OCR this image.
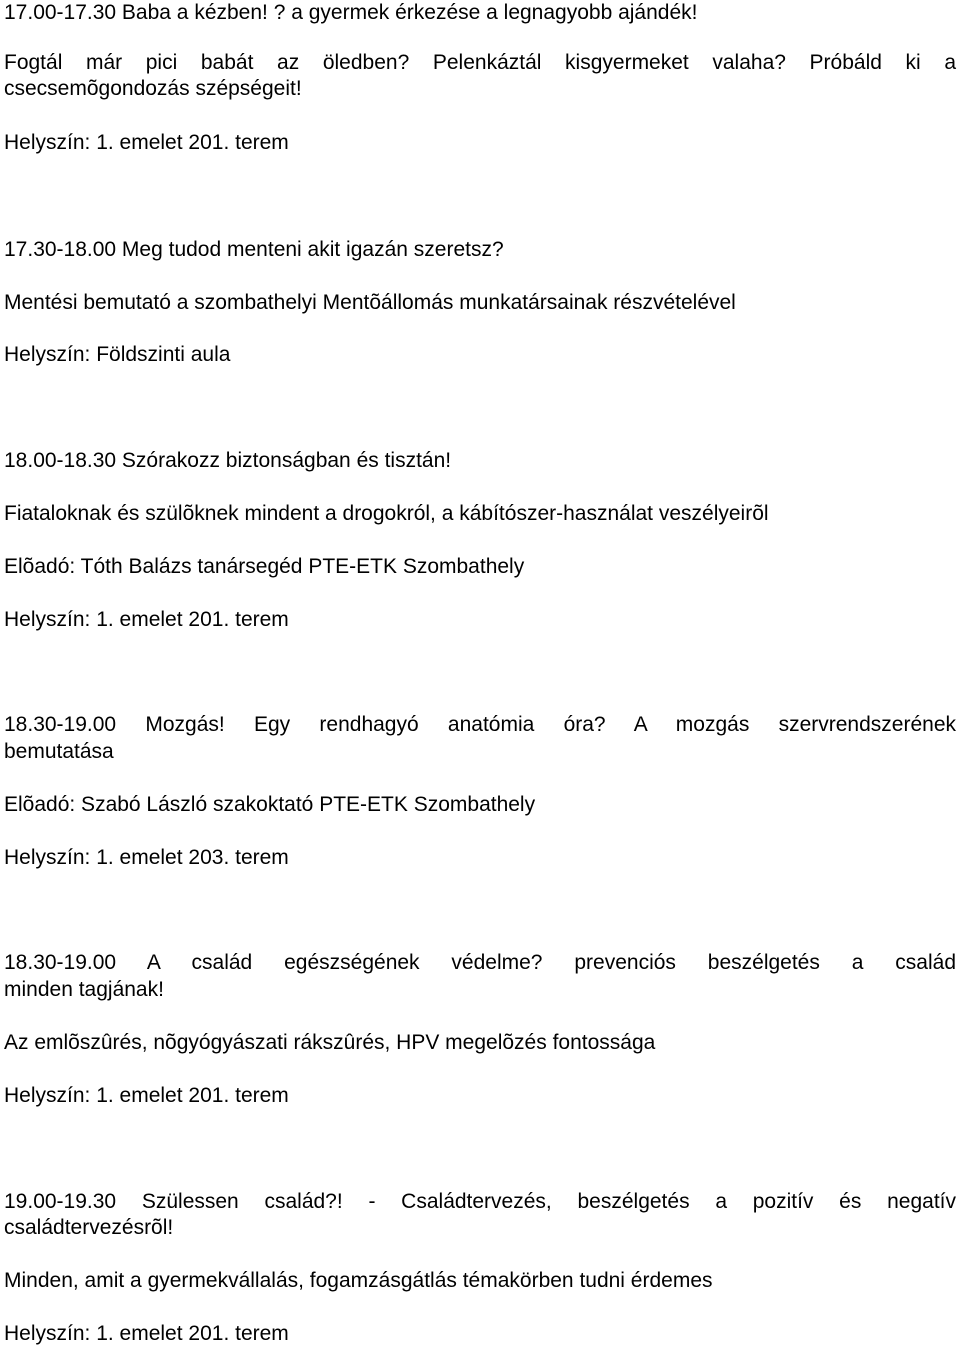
17.00-17.30 Baba a kézben! ? a gyermek érkezése a legnagyobb ajándék!
Fogtál már pici babát az öledben? Pelenkáztál kisgyermeket valaha? Próbáld ki a
csecsemõgondozás szépségeit!
Helyszín: 1. emelet 201. terem
17.30-18.00 Meg tudod menteni akit igazán szeretsz?
Mentési bemutató a szombathelyi Mentõállomás munkatársainak részvételével
Helyszín: Földszinti aula
18.00-18.30 Szórakozz biztonságban és tisztán!
Fiataloknak és szülõknek mindent a drogokról, a kábítószer-használat veszélyeirõl
Elõadó: Tóth Balázs tanársegéd PTE-ETK Szombathely
Helyszín: 1. emelet 201. terem
18.30-19.00 Mozgás! Egy rendhagyó anatómia óra? A mozgás szervrendszerének
bemutatása
Elõadó: Szabó László szakoktató PTE-ETK Szombathely
Helyszín: 1. emelet 203. terem
18.30-19.00 A család egészségének védelme? prevenciós beszélgetés a család
minden tagjának!
Az emlõszûrés, nõgyógyászati rákszûrés, HPV megelõzés fontossága
Helyszín: 1. emelet 201. terem
19.00-19.30 Szülessen család?! - Családtervezés, beszélgetés a pozitív és negatív
családtervezésrõl!
Minden, amit a gyermekvállalás, fogamzásgátlás témakörben tudni érdemes
Helyszín: 1. emelet 201. terem
